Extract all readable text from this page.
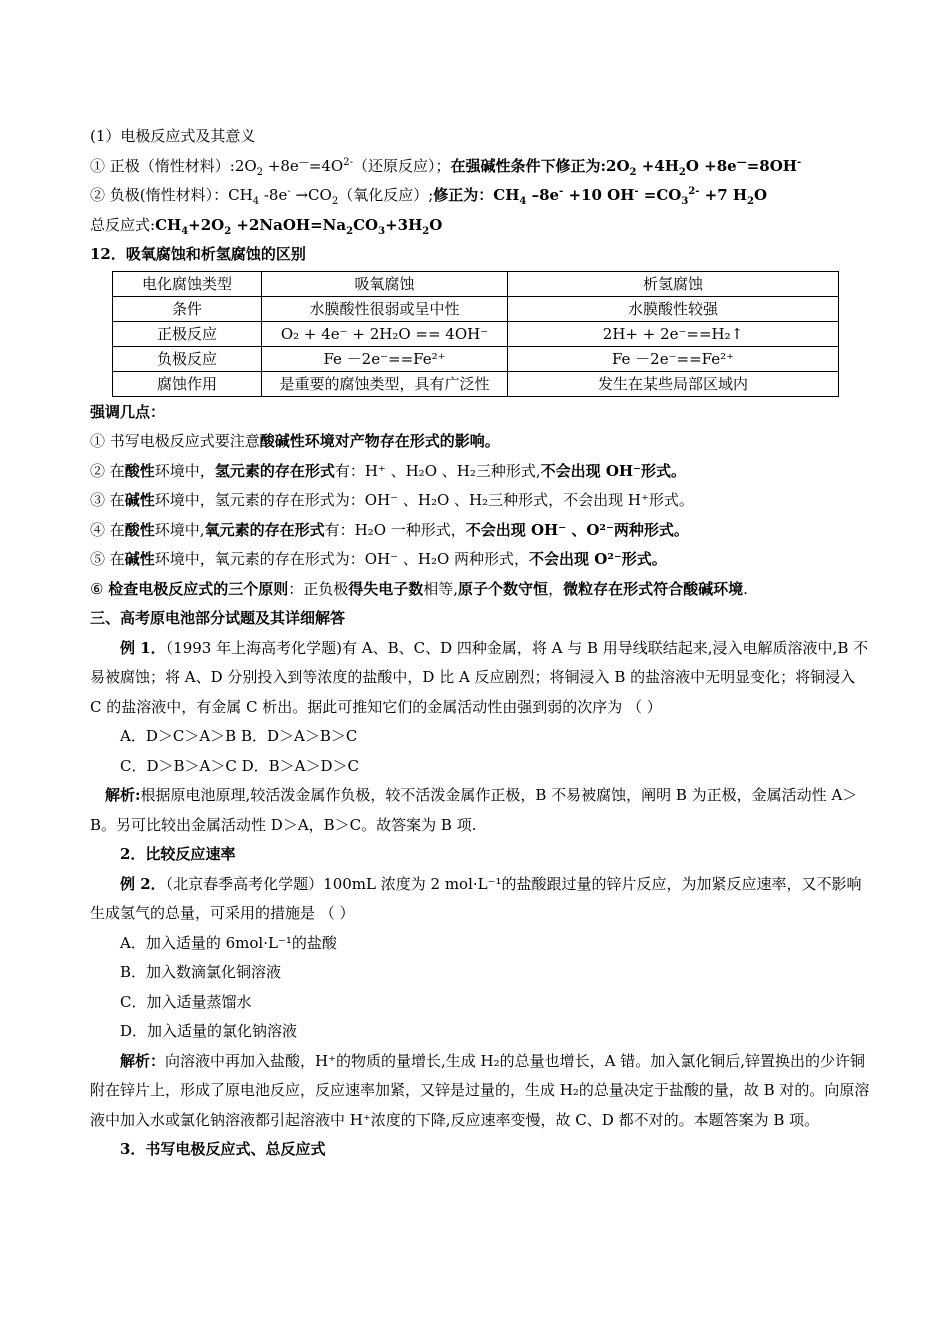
(1）电极反应式及其意义
① 正极（惰性材料）$:2O_2 +8e^—=4O^{2-}$（还原反应）；在强碱性条件下修正为$:2O_2 +4H_2O +8e^—=8OH^-$
② 负极(惰性材料）：$CH_4$ $-8e^- \to CO_2$（氧化反应）;修正为：$CH_4$ –8e- +10 $OH^- =CO_3^{2-} +7$ $H_2O$
总反应式$:CH_4+2O_2$ $+2NaOH=Na_2CO_3+3H_2O$
12．吸氧腐蚀和析氢腐蚀的区别
电化腐蚀类型	吸氧腐蚀	析氢腐蚀
条件	水膜酸性很弱或呈中性	水膜酸性较强
正极反应	O₂ + 4e⁻ + 2H₂O == 4OH⁻	2H+ + 2e⁻==H₂↑
负极反应	Fe －2e⁻==Fe²⁺	Fe －2e⁻==Fe²⁺
腐蚀作用	是重要的腐蚀类型，具有广泛性	发生在某些局部区域内
强调几点：
① 书写电极反应式要注意酸碱性环境对产物存在形式的影响。
② 在酸性环境中，氢元素的存在形式有：H⁺ 、H₂O 、H₂三种形式,不会出现 OH⁻形式。
③ 在碱性环境中，氢元素的存在形式为：OH⁻ 、H₂O 、H₂三种形式，不会出现 H⁺形式。
④ 在酸性环境中,氧元素的存在形式有：H₂O 一种形式，不会出现 OH⁻ 、O²⁻两种形式。
⑤ 在碱性环境中，氧元素的存在形式为：OH⁻ 、H₂O 两种形式，不会出现 O²⁻形式。
⑥ 检查电极反应式的三个原则：正负极得失电子数相等,原子个数守恒，微粒存在形式符合酸碱环境.
三、高考原电池部分试题及其详细解答

例 1．（1993 年上海高考化学题)有 A、B、C、D 四种金属，将 A 与 B 用导线联结起来,浸入电解质溶液中,B 不易被腐蚀；将 A、D 分别投入到等浓度的盐酸中，D 比 A 反应剧烈；将铜浸入 B 的盐溶液中无明显变化；将铜浸入 C 的盐溶液中，有金属 C 析出。据此可推知它们的金属活动性由强到弱的次序为 （ ）

A．D＞C＞A＞B B．D＞A＞B＞C
C．D＞B＞A＞C D．B＞A＞D＞C

解析:根据原电池原理,较活泼金属作负极，较不活泼金属作正极，B 不易被腐蚀，阐明 B 为正极，金属活动性 A＞B。另可比较出金属活动性 D＞A，B＞C。故答案为 B 项.

2．比较反应速率

例 2．（北京春季高考化学题）100mL 浓度为 2 mol·L⁻¹的盐酸跟过量的锌片反应，为加紧反应速率，又不影响生成氢气的总量，可采用的措施是 （ ）

A．加入适量的 6mol·L⁻¹的盐酸
B．加入数滴氯化铜溶液
C．加入适量蒸馏水
D．加入适量的氯化钠溶液

解析：向溶液中再加入盐酸，H⁺的物质的量增长,生成 H₂的总量也增长，A 错。加入氯化铜后,锌置换出的少许铜附在锌片上，形成了原电池反应，反应速率加紧，又锌是过量的，生成 H₂的总量决定于盐酸的量，故 B 对的。向原溶液中加入水或氯化钠溶液都引起溶液中 H⁺浓度的下降,反应速率变慢，故 C、D 都不对的。本题答案为 B 项。

3．书写电极反应式、总反应式
